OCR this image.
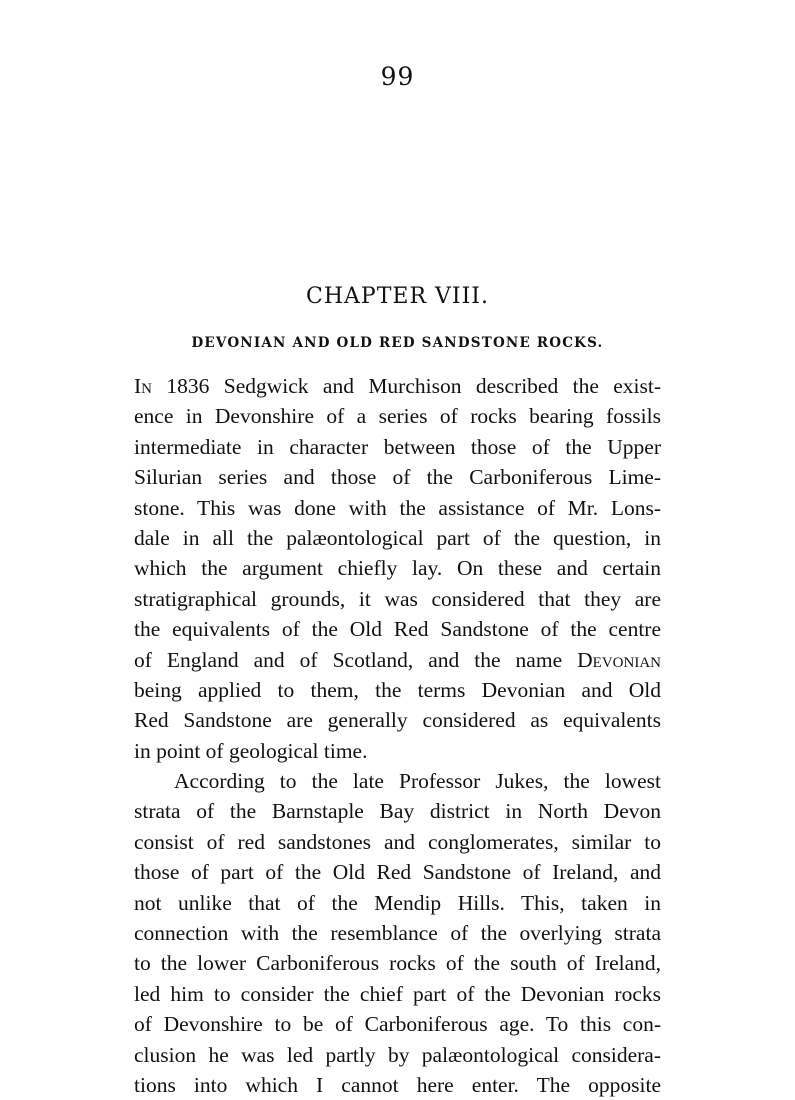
99
CHAPTER VIII.
DEVONIAN AND OLD RED SANDSTONE ROCKS.
In 1836 Sedgwick and Murchison described the exist-
ence in Devonshire of a series of rocks bearing fossils
intermediate in character between those of the Upper
Silurian series and those of the Carboniferous Lime-
stone. This was done with the assistance of Mr. Lons-
dale in all the palæontological part of the question, in
which the argument chiefly lay. On these and certain
stratigraphical grounds, it was considered that they are
the equivalents of the Old Red Sandstone of the centre
of England and of Scotland, and the name Devonian
being applied to them, the terms Devonian and Old
Red Sandstone are generally considered as equivalents
in point of geological time.
According to the late Professor Jukes, the lowest
strata of the Barnstaple Bay district in North Devon
consist of red sandstones and conglomerates, similar to
those of part of the Old Red Sandstone of Ireland, and
not unlike that of the Mendip Hills. This, taken in
connection with the resemblance of the overlying strata
to the lower Carboniferous rocks of the south of Ireland,
led him to consider the chief part of the Devonian rocks
of Devonshire to be of Carboniferous age. To this con-
clusion he was led partly by palæontological considera-
tions into which I cannot here enter. The opposite
